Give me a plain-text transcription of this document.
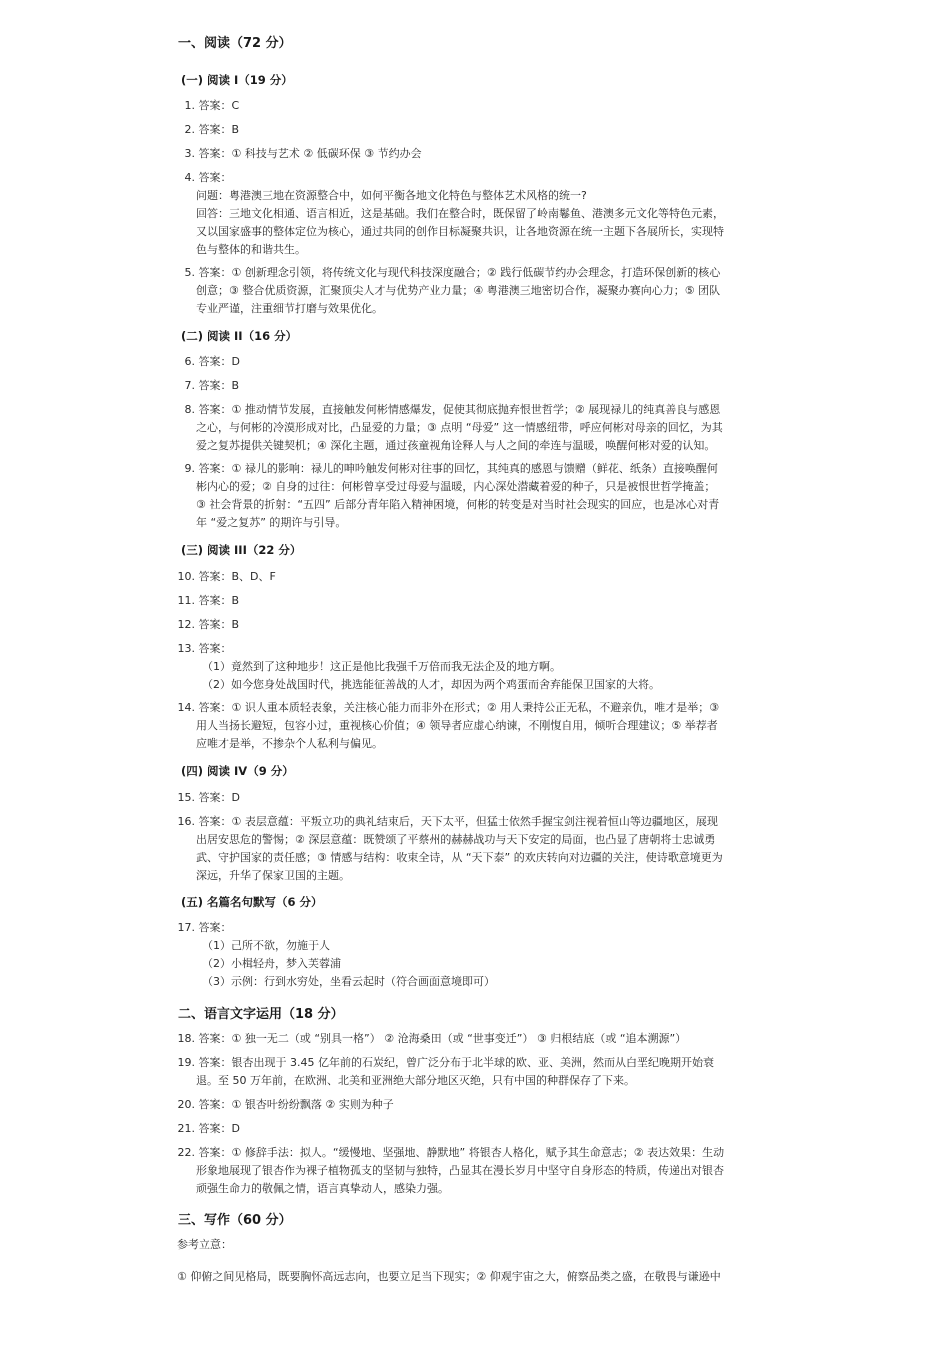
一、阅读（72 分）
(一) 阅读 I（19 分）
1. 答案：C
2. 答案：B
3. 答案：① 科技与艺术 ② 低碳环保 ③ 节约办会
4. 答案：
问题：粤港澳三地在资源整合中，如何平衡各地文化特色与整体艺术风格的统一?
回答：三地文化相通、语言相近，这是基础。我们在整合时，既保留了岭南鬈鱼、港澳多元文化等特色元素，
又以国家盛事的整体定位为核心，通过共同的创作目标凝聚共识，让各地资源在统一主题下各展所长，实现特
色与整体的和谐共生。
5. 答案：① 创新理念引领，将传统文化与现代科技深度融合；② 践行低碳节约办会理念，打造环保创新的核心
创意；③ 整合优质资源，汇聚顶尖人才与优势产业力量；④ 粤港澳三地密切合作，凝聚办赛向心力；⑤ 团队
专业严谨，注重细节打磨与效果优化。
(二) 阅读 II（16 分）
6. 答案：D
7. 答案：B
8. 答案：① 推动情节发展，直接触发何彬情感爆发，促使其彻底抛弃恨世哲学；② 展现禄儿的纯真善良与感恩
之心，与何彬的冷漠形成对比，凸显爱的力量；③ 点明 “母爱” 这一情感纽带，呼应何彬对母亲的回忆，为其
爱之复苏提供关键契机；④ 深化主题，通过孩童视角诠释人与人之间的牵连与温暖，唤醒何彬对爱的认知。
9. 答案：① 禄儿的影响：禄儿的呻吟触发何彬对往事的回忆，其纯真的感恩与馈赠（鲜花、纸条）直接唤醒何
彬内心的爱；② 自身的过往：何彬曾享受过母爱与温暖，内心深处潜藏着爱的种子，只是被恨世哲学掩盖；
③ 社会背景的折射：“五四” 后部分青年陷入精神困境，何彬的转变是对当时社会现实的回应，也是冰心对青
年 “爱之复苏” 的期许与引导。
(三) 阅读 III（22 分）
10. 答案：B、D、F
11. 答案：B
12. 答案：B
13. 答案：
（1）竟然到了这种地步！这正是他比我强千万倍而我无法企及的地方啊。
（2）如今您身处战国时代，挑选能征善战的人才，却因为两个鸡蛋而舍弃能保卫国家的大将。
14. 答案：① 识人重本质轻表象，关注核心能力而非外在形式；② 用人秉持公正无私，不避亲仇，唯才是举；③
用人当扬长避短，包容小过，重视核心价值；④ 领导者应虚心纳谏，不刚愎自用，倾听合理建议；⑤ 举荐者
应唯才是举，不掺杂个人私利与偏见。
(四) 阅读 IV（9 分）
15. 答案：D
16. 答案：① 表层意蕴：平叛立功的典礼结束后，天下太平，但猛士依然手握宝剑注视着恒山等边疆地区，展现
出居安思危的警惕；② 深层意蕴：既赞颂了平蔡州的赫赫战功与天下安定的局面，也凸显了唐朝将士忠诚勇
武、守护国家的责任感；③ 情感与结构：收束全诗，从 “天下泰” 的欢庆转向对边疆的关注，使诗歌意境更为
深远，升华了保家卫国的主题。
(五) 名篇名句默写（6 分）
17. 答案：
（1）己所不欲，勿施于人
（2）小楫轻舟，梦入芙蓉浦
（3）示例：行到水穷处，坐看云起时（符合画面意境即可）
二、语言文字运用（18 分）
18. 答案：① 独一无二（或 “别具一格”） ② 沧海桑田（或 “世事变迁”） ③ 归根结底（或 “追本溯源”）
19. 答案：银杏出现于 3.45 亿年前的石炭纪，曾广泛分布于北半球的欧、亚、美洲，然而从白垩纪晚期开始衰
退。至 50 万年前，在欧洲、北美和亚洲绝大部分地区灭绝，只有中国的种群保存了下来。
20. 答案：① 银杏叶纷纷飘落 ② 实则为种子
21. 答案：D
22. 答案：① 修辞手法：拟人。“缓慢地、坚强地、静默地” 将银杏人格化，赋予其生命意志；② 表达效果：生动
形象地展现了银杏作为裸子植物孤支的坚韧与独特，凸显其在漫长岁月中坚守自身形态的特质，传递出对银杏
顽强生命力的敬佩之情，语言真挚动人，感染力强。
三、写作（60 分）
参考立意：
① 仰俯之间见格局，既要胸怀高远志向，也要立足当下现实；② 仰观宇宙之大，俯察品类之盛，在敬畏与谦逊中
